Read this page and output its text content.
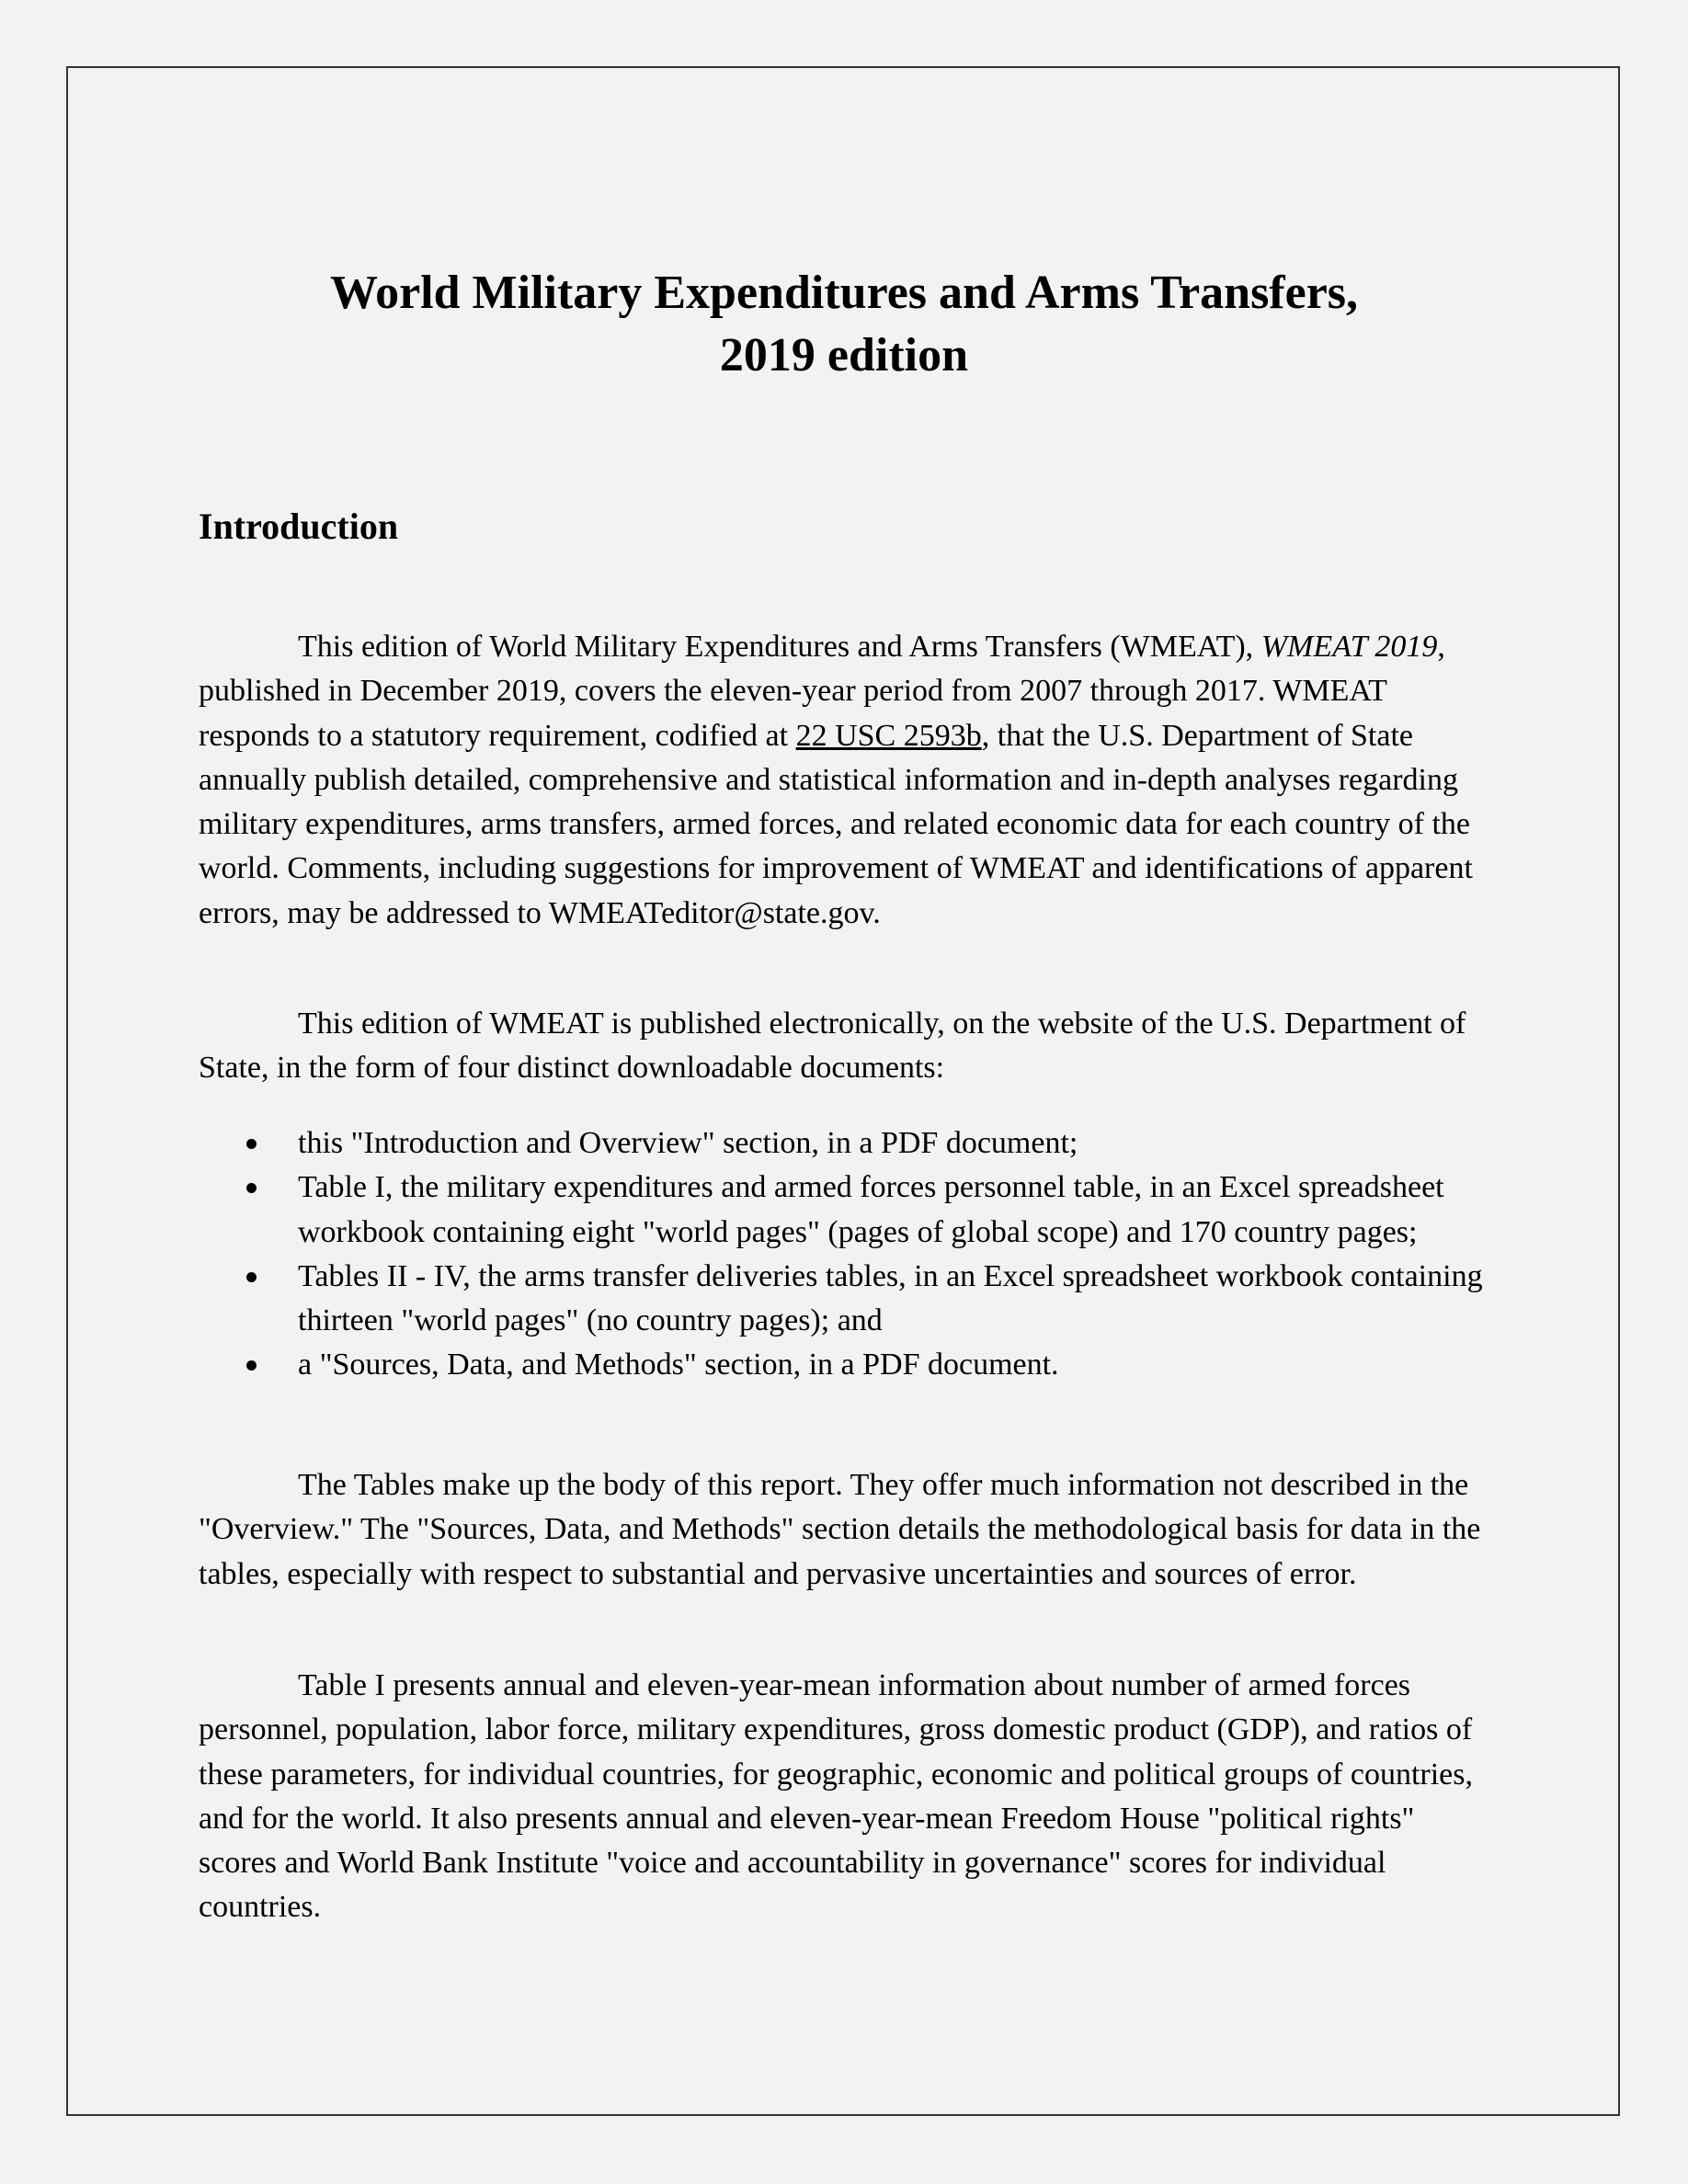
World Military Expenditures and Arms Transfers,
2019 edition
Introduction
This edition of World Military Expenditures and Arms Transfers (WMEAT), WMEAT 2019, published in December 2019, covers the eleven-year period from 2007 through 2017. WMEAT responds to a statutory requirement, codified at 22 USC 2593b, that the U.S. Department of State annually publish detailed, comprehensive and statistical information and in-depth analyses regarding military expenditures, arms transfers, armed forces, and related economic data for each country of the world. Comments, including suggestions for improvement of WMEAT and identifications of apparent errors, may be addressed to WMEATeditor@state.gov.

This edition of WMEAT is published electronically, on the website of the U.S. Department of State, in the form of four distinct downloadable documents:

this "Introduction and Overview" section, in a PDF document;
Table I, the military expenditures and armed forces personnel table, in an Excel spreadsheet workbook containing eight "world pages" (pages of global scope) and 170 country pages;
Tables II - IV, the arms transfer deliveries tables, in an Excel spreadsheet workbook containing thirteen "world pages" (no country pages); and
a "Sources, Data, and Methods" section, in a PDF document.

The Tables make up the body of this report. They offer much information not described in the "Overview." The "Sources, Data, and Methods" section details the methodological basis for data in the tables, especially with respect to substantial and pervasive uncertainties and sources of error.

Table I presents annual and eleven-year-mean information about number of armed forces personnel, population, labor force, military expenditures, gross domestic product (GDP), and ratios of these parameters, for individual countries, for geographic, economic and political groups of countries, and for the world. It also presents annual and eleven-year-mean Freedom House "political rights" scores and World Bank Institute "voice and accountability in governance" scores for individual countries.
